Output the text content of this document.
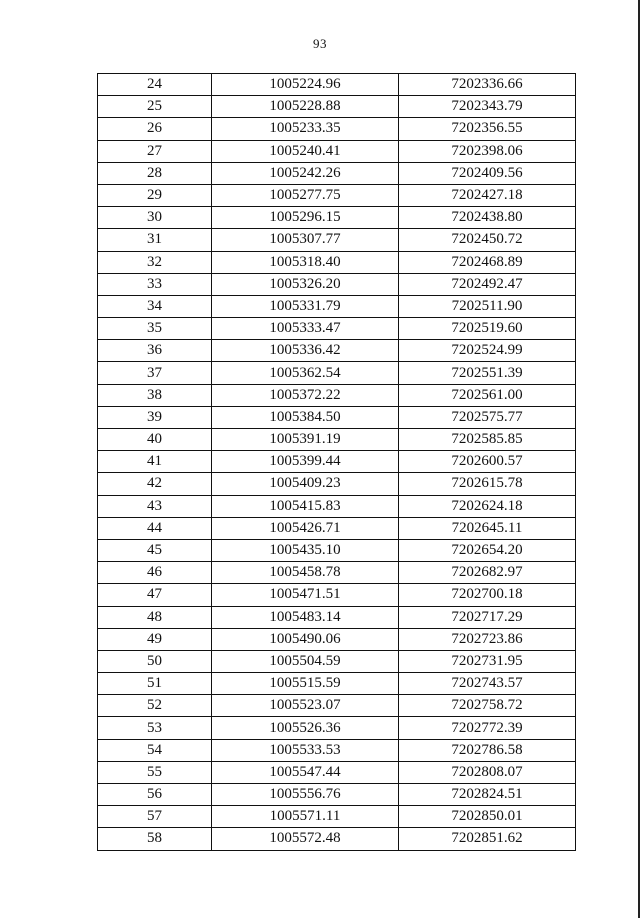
93
24	1005224.96	7202336.66
25	1005228.88	7202343.79
26	1005233.35	7202356.55
27	1005240.41	7202398.06
28	1005242.26	7202409.56
29	1005277.75	7202427.18
30	1005296.15	7202438.80
31	1005307.77	7202450.72
32	1005318.40	7202468.89
33	1005326.20	7202492.47
34	1005331.79	7202511.90
35	1005333.47	7202519.60
36	1005336.42	7202524.99
37	1005362.54	7202551.39
38	1005372.22	7202561.00
39	1005384.50	7202575.77
40	1005391.19	7202585.85
41	1005399.44	7202600.57
42	1005409.23	7202615.78
43	1005415.83	7202624.18
44	1005426.71	7202645.11
45	1005435.10	7202654.20
46	1005458.78	7202682.97
47	1005471.51	7202700.18
48	1005483.14	7202717.29
49	1005490.06	7202723.86
50	1005504.59	7202731.95
51	1005515.59	7202743.57
52	1005523.07	7202758.72
53	1005526.36	7202772.39
54	1005533.53	7202786.58
55	1005547.44	7202808.07
56	1005556.76	7202824.51
57	1005571.11	7202850.01
58	1005572.48	7202851.62
